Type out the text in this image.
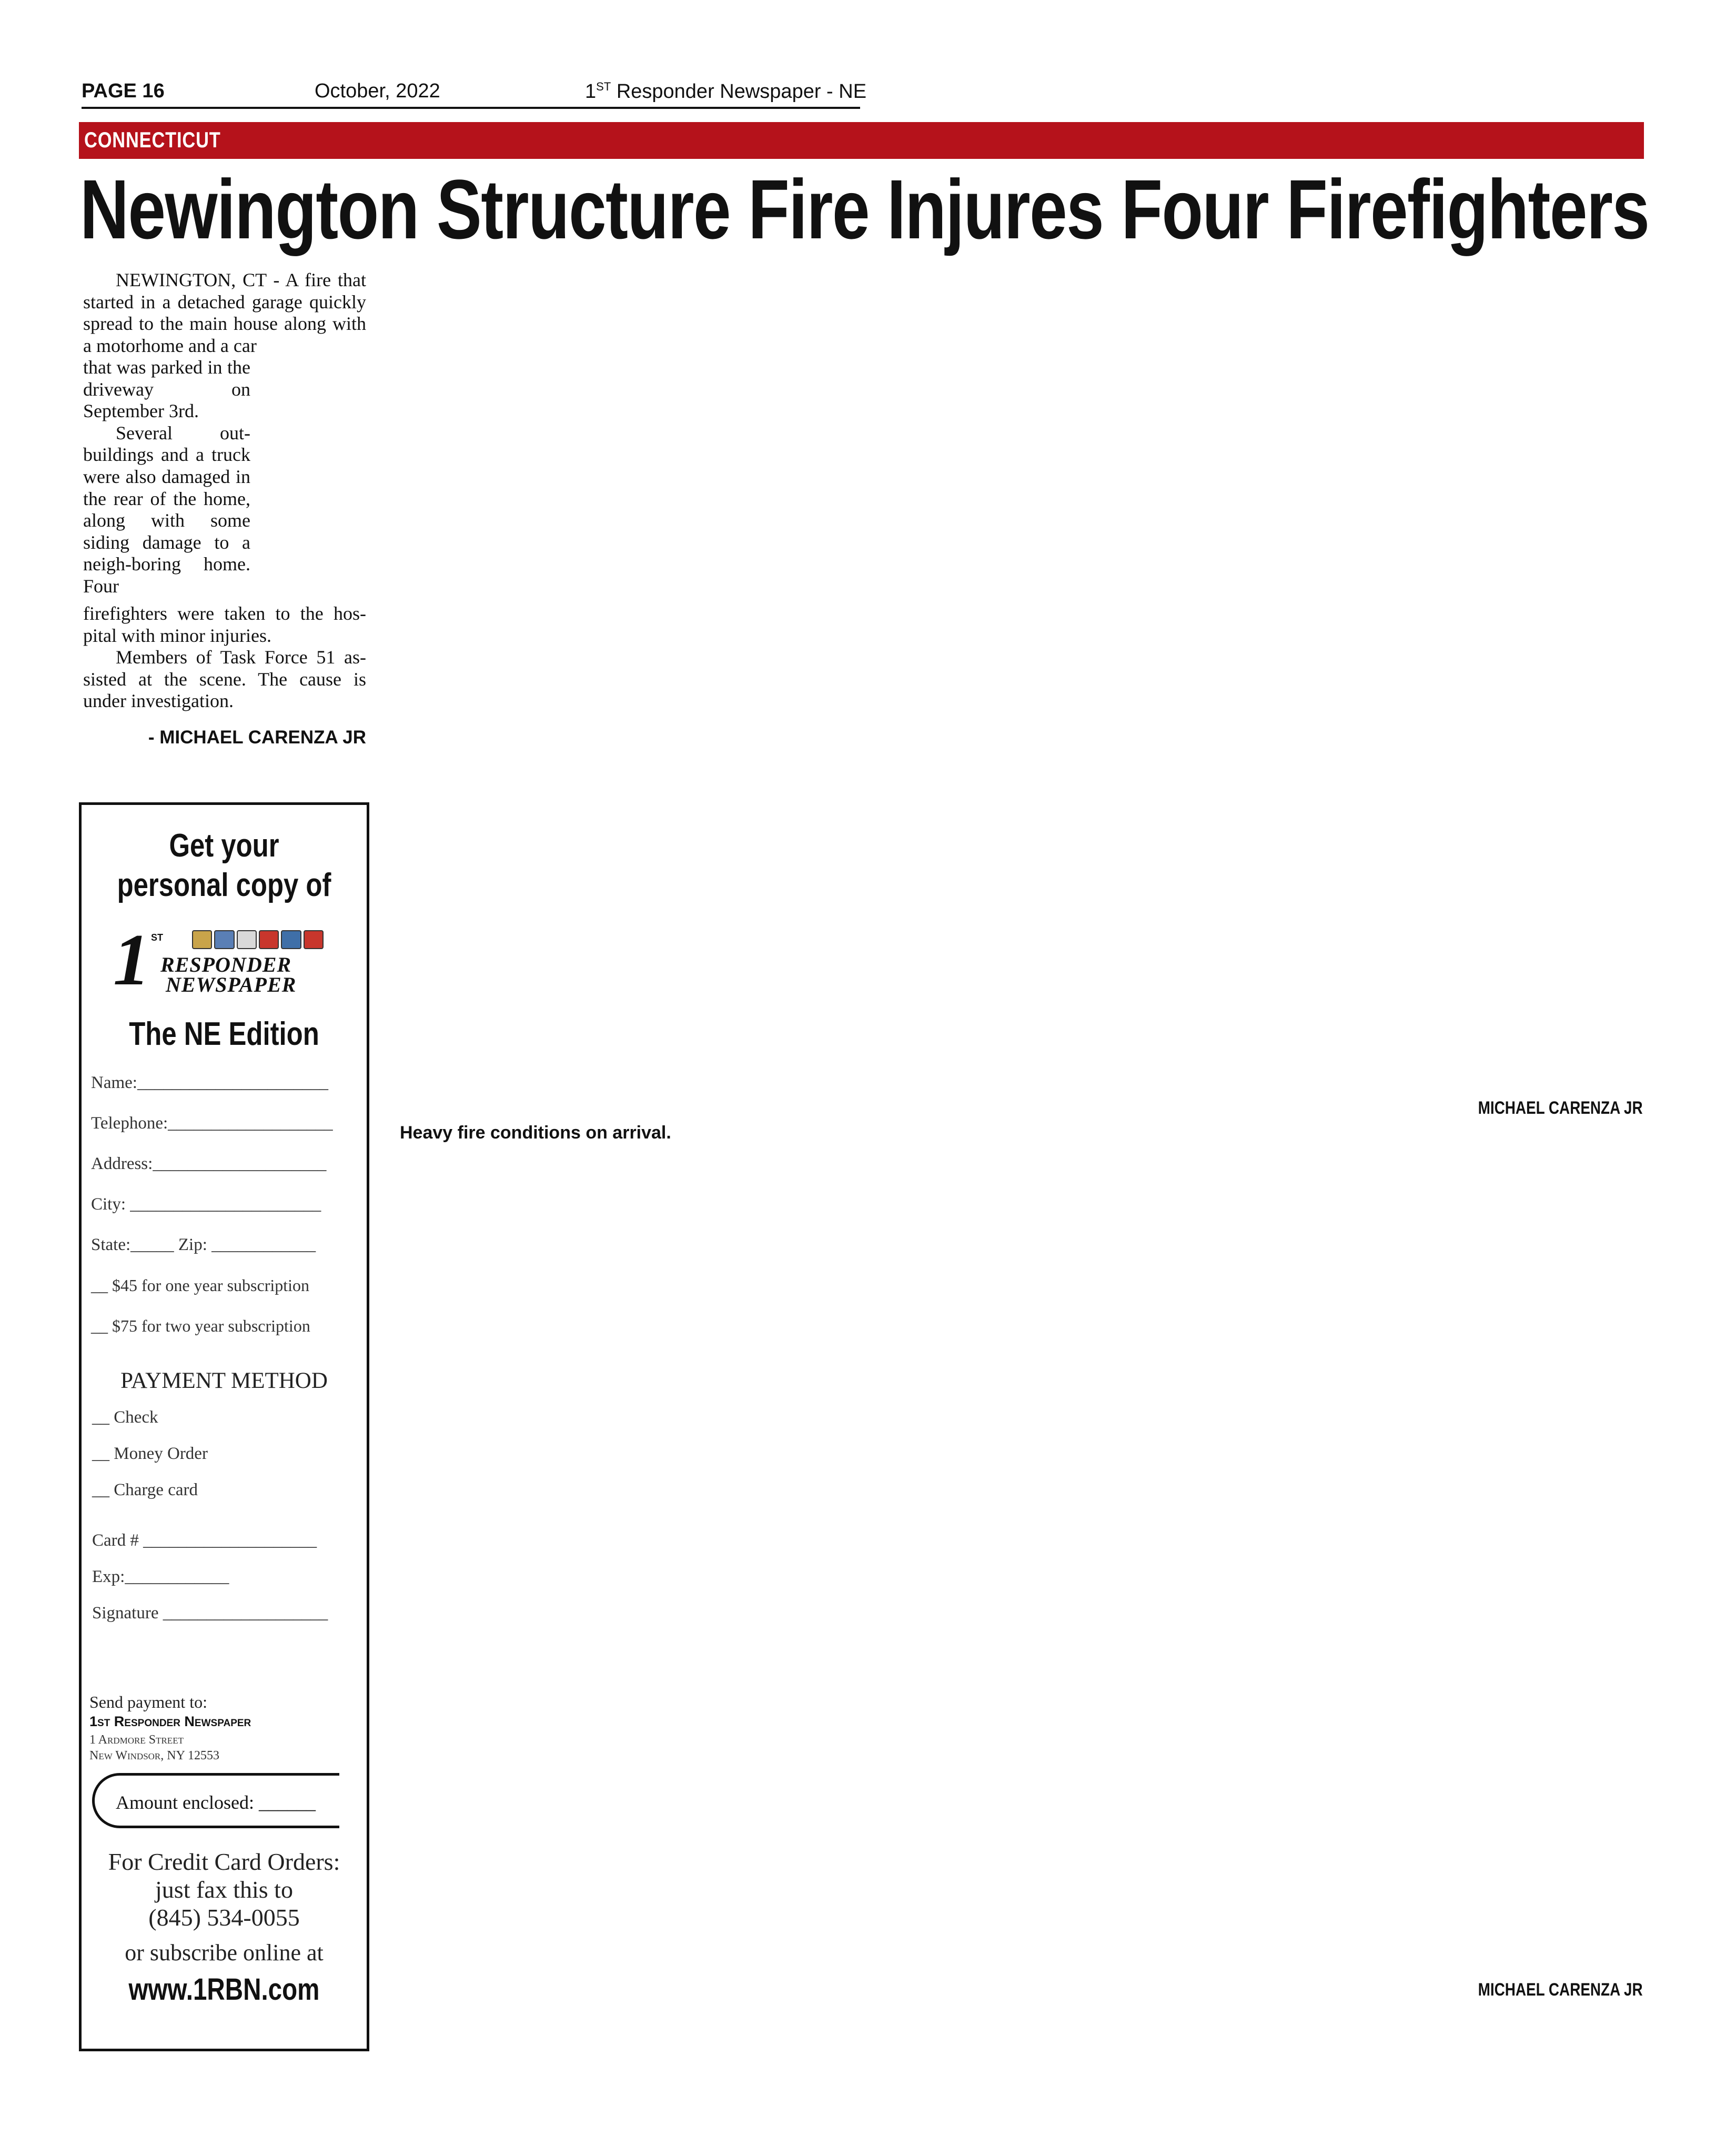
PAGE 16	October, 2022	1ST Responder Newspaper - NE
CONNECTICUT
Newington Structure Fire Injures Four Firefighters
NEWINGTON, CT - A fire that started in a detached garage quickly spread to the main house along with a motorhome and a car
that was parked in the driveway on September 3rd.
Several out-buildings and a truck were also damaged in the rear of the home, along with some siding damage to a neigh-boring home. Four
firefighters were taken to the hos-pital with minor injuries.
Members of Task Force 51 as-sisted at the scene. The cause is under investigation.
- MICHAEL CARENZA JR
Get your
personal copy of
1 ST
RESPONDER
NEWSPAPER
The NE Edition
Name:______________________
Telephone:___________________
Address:____________________
City: ______________________
State:_____ Zip: ____________
__ $45 for one year subscription
__ $75 for two year subscription
PAYMENT METHOD
__ Check
__ Money Order
__ Charge card
Card # ____________________
Exp:____________
Signature ___________________
Send payment to:
1st Responder Newspaper
1 Ardmore Street
New Windsor, NY 12553
Amount enclosed: ______
For Credit Card Orders:
just fax this to
(845) 534-0055
or subscribe online at
www.1RBN.com
MICHAEL CARENZA JR
Heavy fire conditions on arrival.
MICHAEL CARENZA JR
